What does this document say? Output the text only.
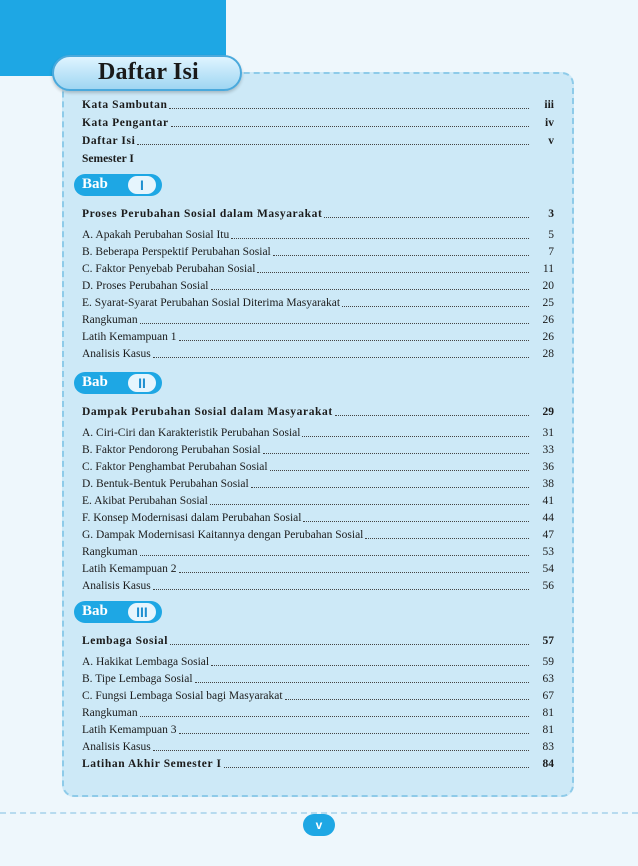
Daftar Isi
Kata Sambutan	iii
Kata Pengantar	iv
Daftar Isi	v
Semester I
Bab	I
Proses Perubahan Sosial dalam Masyarakat	3
A. Apakah Perubahan Sosial Itu	5
B. Beberapa Perspektif Perubahan Sosial	7
C. Faktor Penyebab Perubahan Sosial	11
D. Proses Perubahan Sosial	20
E. Syarat-Syarat Perubahan Sosial Diterima Masyarakat	25
Rangkuman	26
Latih Kemampuan 1	26
Analisis Kasus	28
Bab	II
Dampak Perubahan Sosial dalam Masyarakat	29
A. Ciri-Ciri dan Karakteristik Perubahan Sosial	31
B. Faktor Pendorong Perubahan Sosial	33
C. Faktor Penghambat Perubahan Sosial	36
D. Bentuk-Bentuk Perubahan Sosial	38
E. Akibat Perubahan Sosial	41
F. Konsep Modernisasi dalam Perubahan Sosial	44
G. Dampak Modernisasi Kaitannya dengan Perubahan Sosial	47
Rangkuman	53
Latih Kemampuan 2	54
Analisis Kasus	56
Bab	III
Lembaga Sosial	57
A. Hakikat Lembaga Sosial	59
B. Tipe Lembaga Sosial	63
C. Fungsi Lembaga Sosial bagi Masyarakat	67
Rangkuman	81
Latih Kemampuan 3	81
Analisis Kasus	83
Latihan Akhir Semester I	84
v
